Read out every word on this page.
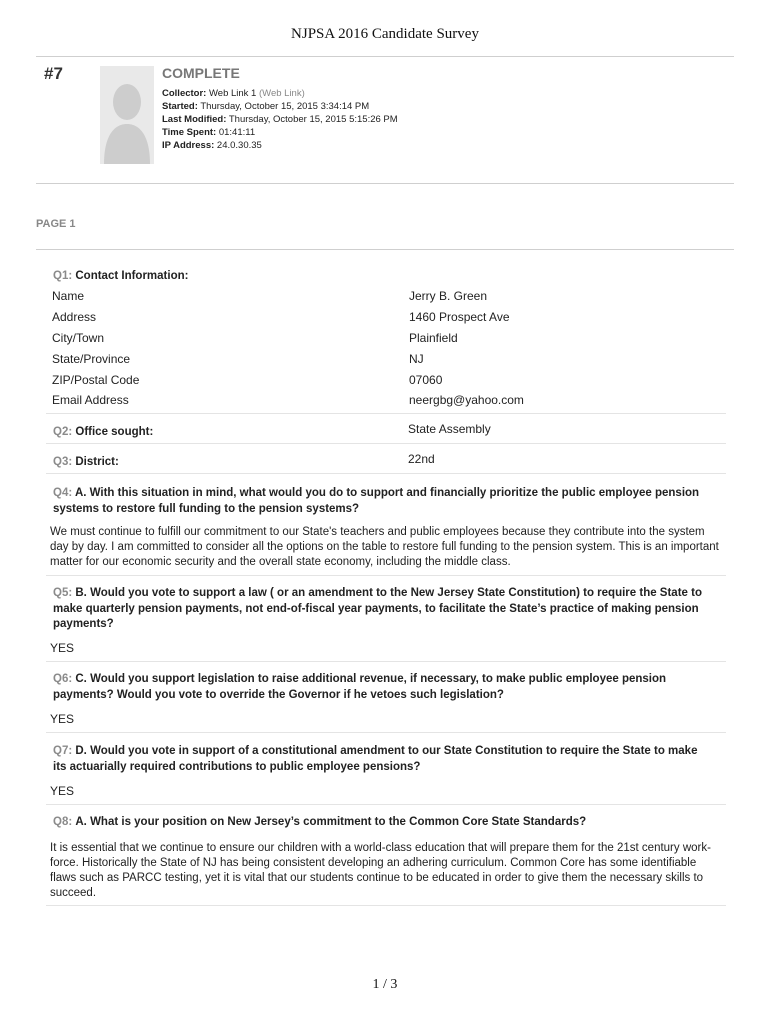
NJPSA 2016 Candidate Survey
#7	COMPLETE
Collector: Web Link 1 (Web Link)
Started: Thursday, October 15, 2015 3:34:14 PM
Last Modified: Thursday, October 15, 2015 5:15:26 PM
Time Spent: 01:41:11
IP Address: 24.0.30.35
PAGE 1
Q1: Contact Information:
Name	Jerry B. Green
Address	1460 Prospect Ave
City/Town	Plainfield
State/Province	NJ
ZIP/Postal Code	07060
Email Address	neergbg@yahoo.com
Q2: Office sought:	State Assembly
Q3: District:	22nd
Q4: A. With this situation in mind, what would you do to support and financially prioritize the public employee pension systems to restore full funding to the pension systems?
We must continue to fulfill our commitment to our State's teachers and public employees because they contribute into the system day by day. I am committed to consider all the options on the table to restore full funding to the pension system. This is an important matter for our economic security and the overall state economy, including the middle class.
Q5: B. Would you vote to support a law ( or an amendment to the New Jersey State Constitution) to require the State to make quarterly pension payments, not end-of-fiscal year payments, to facilitate the State’s practice of making pension payments?
YES
Q6: C. Would you support legislation to raise additional revenue, if necessary, to make public employee pension payments? Would you vote to override the Governor if he vetoes such legislation?
YES
Q7: D. Would you vote in support of a constitutional amendment to our State Constitution to require the State to make its actuarially required contributions to public employee pensions?
YES
Q8: A. What is your position on New Jersey’s commitment to the Common Core State Standards?
It is essential that we continue to ensure our children with a world-class education that will prepare them for the 21st century work-force. Historically the State of NJ has being consistent developing an adhering curriculum. Common Core has some identifiable flaws such as PARCC testing, yet it is vital that our students continue to be educated in order to give them the necessary skills to succeed.
1 / 3
